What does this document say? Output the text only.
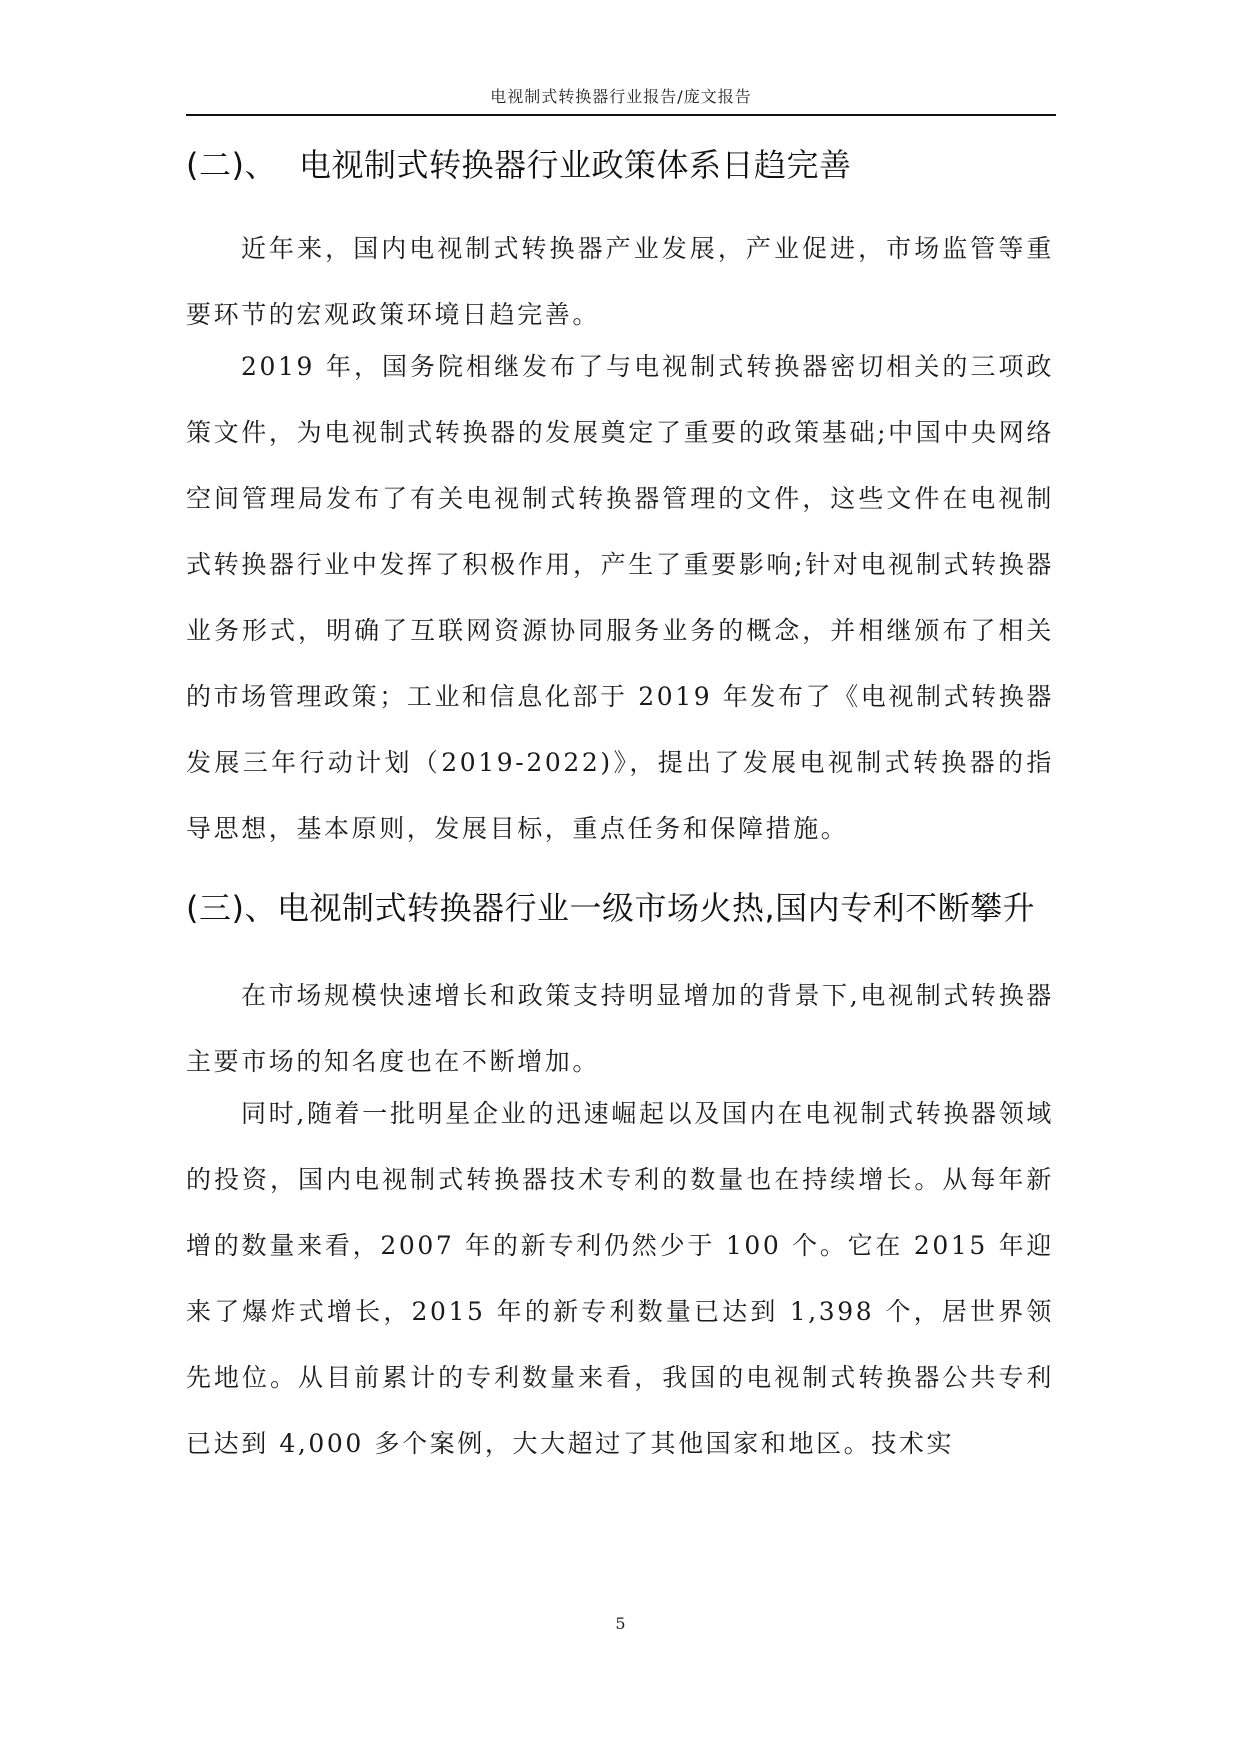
电视制式转换器行业报告/庞文报告
(二)、 电视制式转换器行业政策体系日趋完善

近年来，国内电视制式转换器产业发展，产业促进，市场监管等重要环节的宏观政策环境日趋完善。

2019 年，国务院相继发布了与电视制式转换器密切相关的三项政策文件，为电视制式转换器的发展奠定了重要的政策基础;中国中央网络空间管理局发布了有关电视制式转换器管理的文件，这些文件在电视制式转换器行业中发挥了积极作用，产生了重要影响;针对电视制式转换器业务形式，明确了互联网资源协同服务业务的概念，并相继颁布了相关的市场管理政策；工业和信息化部于 2019 年发布了《电视制式转换器发展三年行动计划（2019-2022)》，提出了发展电视制式转换器的指导思想，基本原则，发展目标，重点任务和保障措施。

(三)、电视制式转换器行业一级市场火热,国内专利不断攀升

在市场规模快速增长和政策支持明显增加的背景下,电视制式转换器主要市场的知名度也在不断增加。

同时,随着一批明星企业的迅速崛起以及国内在电视制式转换器领域的投资，国内电视制式转换器技术专利的数量也在持续增长。从每年新增的数量来看，2007 年的新专利仍然少于 100 个。它在 2015 年迎来了爆炸式增长，2015 年的新专利数量已达到 1,398 个，居世界领先地位。从目前累计的专利数量来看，我国的电视制式转换器公共专利已达到 4,000 多个案例，大大超过了其他国家和地区。技术实

5
